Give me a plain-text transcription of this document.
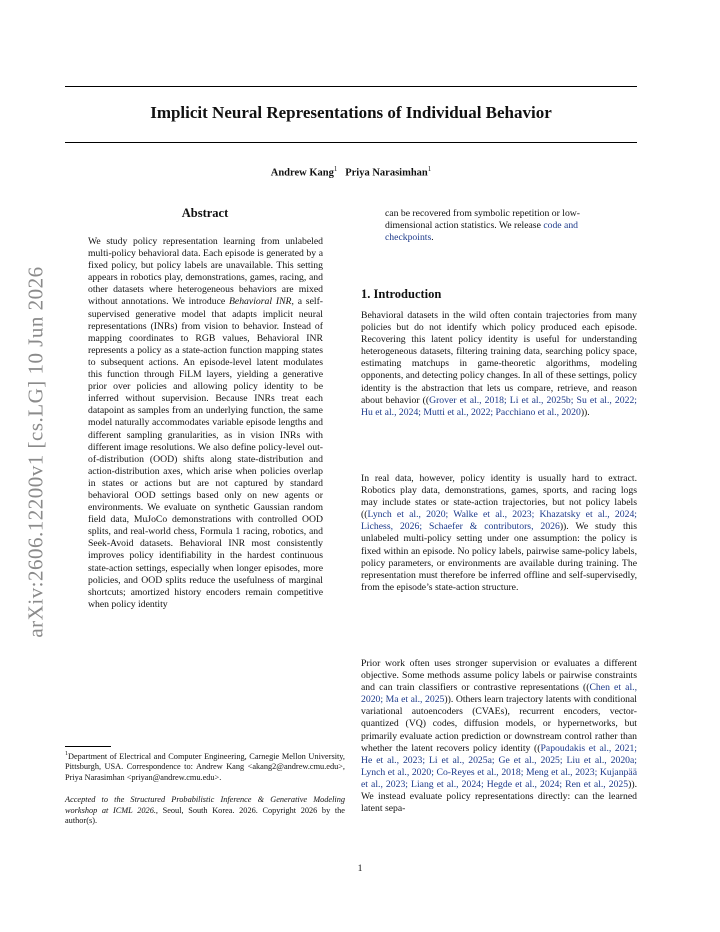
arXiv:2606.12200v1 [cs.LG] 10 Jun 2026
Implicit Neural Representations of Individual Behavior
Andrew Kang$^1$ Priya Narasimhan$^1$
Abstract
We study policy representation learning from unlabeled multi-policy behavioral data. Each episode is generated by a fixed policy, but policy labels are unavailable. This setting appears in robotics play, demonstrations, games, racing, and other datasets where heterogeneous behaviors are mixed without annotations. We introduce Behavioral INR, a self-supervised generative model that adapts implicit neural representations (INRs) from vision to behavior. Instead of mapping coordinates to RGB values, Behavioral INR represents a policy as a state-action function mapping states to subsequent actions. An episode-level latent modulates this function through FiLM layers, yielding a generative prior over policies and allowing policy identity to be inferred without supervision. Because INRs treat each datapoint as samples from an underlying function, the same model naturally accommodates variable episode lengths and different sampling granularities, as in vision INRs with different image resolutions. We also define policy-level out-of-distribution (OOD) shifts along state-distribution and action-distribution axes, which arise when policies overlap in states or actions but are not captured by standard behavioral OOD settings based only on new agents or environments. We evaluate on synthetic Gaussian random field data, MuJoCo demonstrations with controlled OOD splits, and real-world chess, Formula 1 racing, robotics, and Seek-Avoid datasets. Behavioral INR most consistently improves policy identifiability in the hardest continuous state-action settings, especially when longer episodes, more policies, and OOD splits reduce the usefulness of marginal shortcuts; amortized history encoders remain competitive when policy identity
can be recovered from symbolic repetition or low-dimensional action statistics. We release code and checkpoints.
$^1$Department of Electrical and Computer Engineering, Carnegie Mellon University, Pittsburgh, USA. Correspondence to: Andrew Kang <akang2@andrew.cmu.edu>, Priya Narasimhan <priyan@andrew.cmu.edu>.
Accepted to the Structured Probabilistic Inference & Generative Modeling workshop at ICML 2026., Seoul, South Korea. 2026. Copyright 2026 by the author(s).
1. Introduction

Behavioral datasets in the wild often contain trajectories from many policies but do not identify which policy produced each episode. Recovering this latent policy identity is useful for understanding heterogeneous datasets, filtering training data, searching policy space, estimating matchups in game-theoretic algorithms, modeling opponents, and detecting policy changes. In all of these settings, policy identity is the abstraction that lets us compare, retrieve, and reason about behavior ((Grover et al., 2018; Li et al., 2025b; Su et al., 2022; Hu et al., 2024; Mutti et al., 2022; Pacchiano et al., 2020)).

In real data, however, policy identity is usually hard to extract. Robotics play data, demonstrations, games, sports, and racing logs may include states or state-action trajectories, but not policy labels ((Lynch et al., 2020; Walke et al., 2023; Khazatsky et al., 2024; Lichess, 2026; Schaefer & contributors, 2026)). We study this unlabeled multi-policy setting under one assumption: the policy is fixed within an episode. No policy labels, pairwise same-policy labels, policy parameters, or environments are available during training. The representation must therefore be inferred offline and self-supervisedly, from the episode’s state-action structure.

Prior work often uses stronger supervision or evaluates a different objective. Some methods assume policy labels or pairwise constraints and can train classifiers or contrastive representations ((Chen et al., 2020; Ma et al., 2025)). Others learn trajectory latents with conditional variational autoencoders (CVAEs), recurrent encoders, vector-quantized (VQ) codes, diffusion models, or hypernetworks, but primarily evaluate action prediction or downstream control rather than whether the latent recovers policy identity ((Papoudakis et al., 2021; He et al., 2023; Li et al., 2025a; Ge et al., 2025; Liu et al., 2020a; Lynch et al., 2020; Co-Reyes et al., 2018; Meng et al., 2023; Kujanpää et al., 2023; Liang et al., 2024; Hegde et al., 2024; Ren et al., 2025)). We instead evaluate policy representations directly: can the learned latent sepa-

1
